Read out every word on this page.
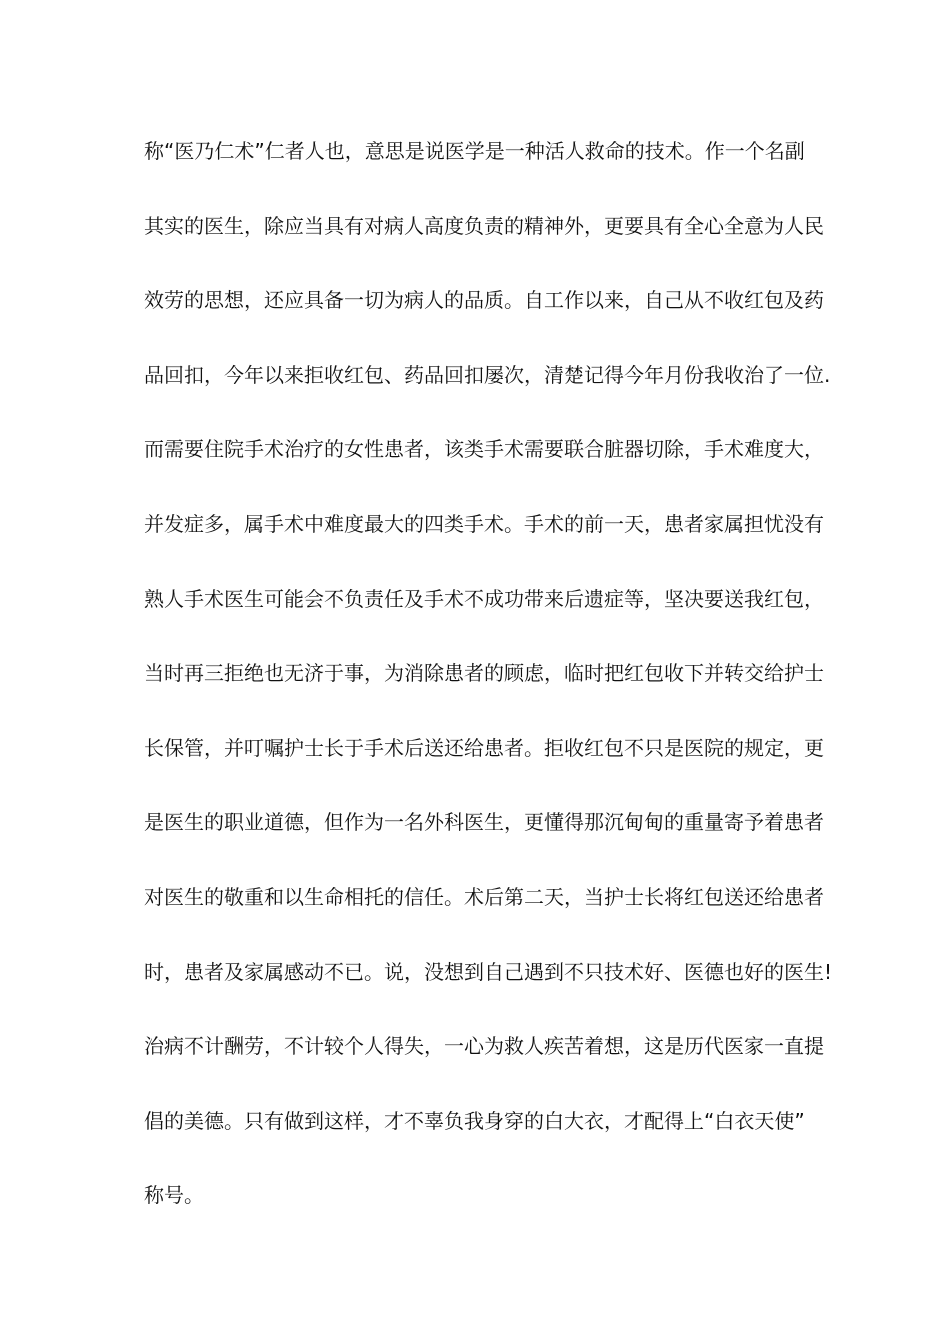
称“医乃仁术”仁者人也，意思是说医学是一种活人救命的技术。作一个名副
其实的医生，除应当具有对病人高度负责的精神外，更要具有全心全意为人民
效劳的思想，还应具备一切为病人的品质。自工作以来，自己从不收红包及药
品回扣，今年以来拒收红包、药品回扣屡次，清楚记得今年月份我收治了一位.
而需要住院手术治疗的女性患者，该类手术需要联合脏器切除，手术难度大，
并发症多，属手术中难度最大的四类手术。手术的前一天，患者家属担忧没有
熟人手术医生可能会不负责任及手术不成功带来后遗症等，坚决要送我红包，
当时再三拒绝也无济于事，为消除患者的顾虑，临时把红包收下并转交给护士
长保管，并叮嘱护士长于手术后送还给患者。拒收红包不只是医院的规定，更
是医生的职业道德，但作为一名外科医生，更懂得那沉甸甸的重量寄予着患者
对医生的敬重和以生命相托的信任。术后第二天，当护士长将红包送还给患者
时，患者及家属感动不已。说，没想到自己遇到不只技术好、医德也好的医生!
治病不计酬劳，不计较个人得失，一心为救人疾苦着想，这是历代医家一直提
倡的美德。只有做到这样，才不辜负我身穿的白大衣，才配得上“白衣天使”
称号。
